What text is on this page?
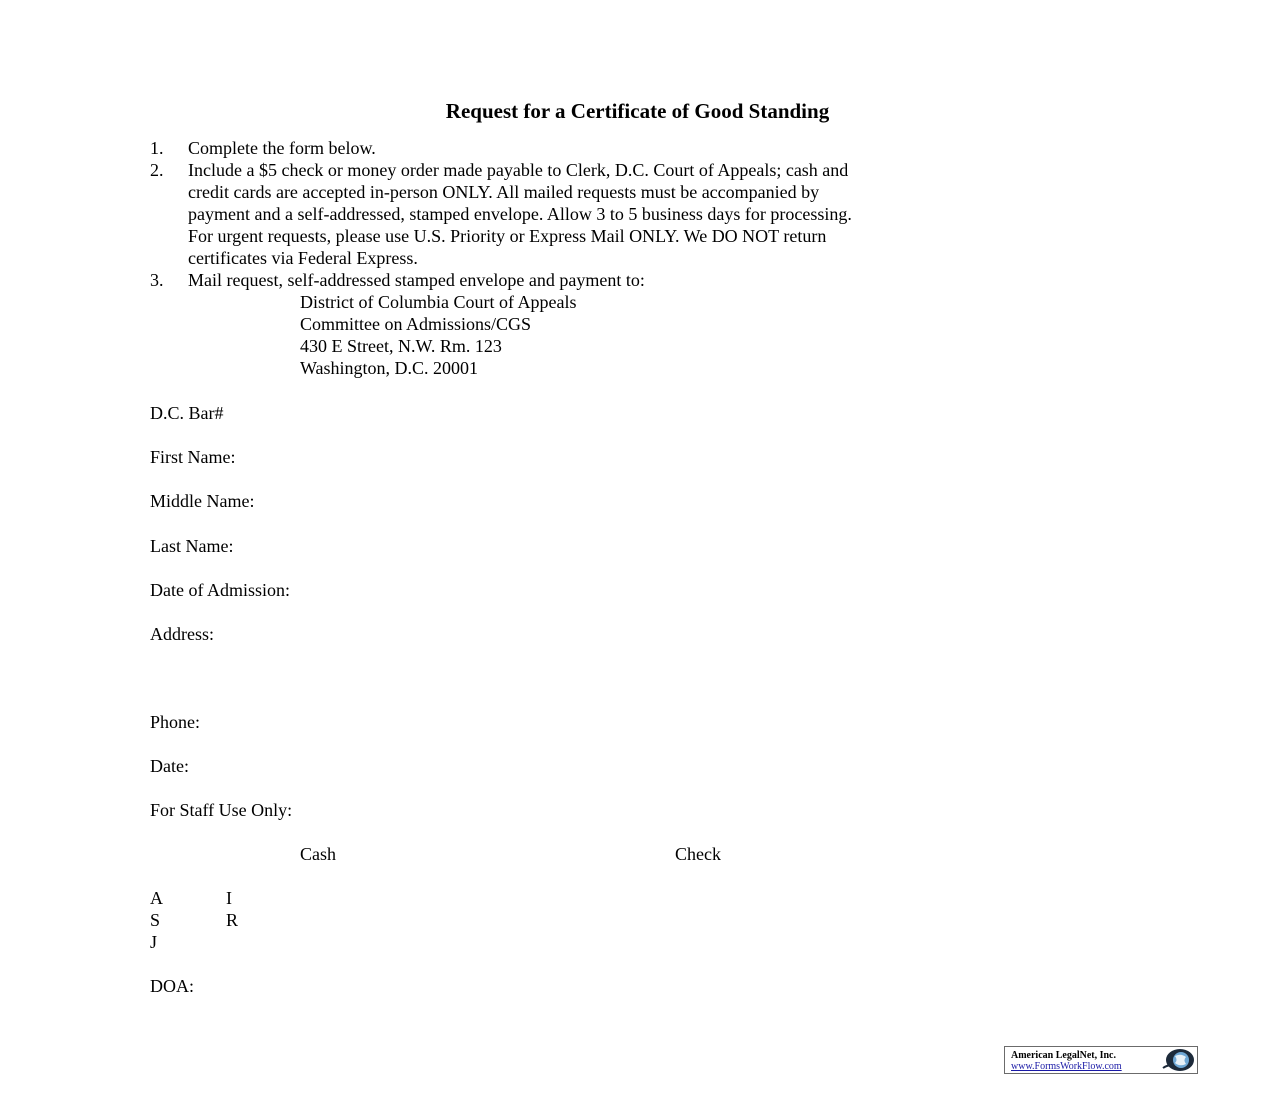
Request for a Certificate of Good Standing
1. Complete the form below.
2. Include a $5 check or money order made payable to Clerk, D.C. Court of Appeals; cash and
credit cards are accepted in-person ONLY. All mailed requests must be accompanied by
payment and a self-addressed, stamped envelope. Allow 3 to 5 business days for processing.
For urgent requests, please use U.S. Priority or Express Mail ONLY. We DO NOT return
certificates via Federal Express.
3. Mail request, self-addressed stamped envelope and payment to:
District of Columbia Court of Appeals
Committee on Admissions/CGS
430 E Street, N.W. Rm. 123
Washington, D.C. 20001
D.C. Bar#
First Name:
Middle Name:
Last Name:
Date of Admission:
Address:
Phone:
Date:
For Staff Use Only:
Cash	Check
A	I
S	R
J
DOA:
American LegalNet, Inc.
www.FormsWorkFlow.com
